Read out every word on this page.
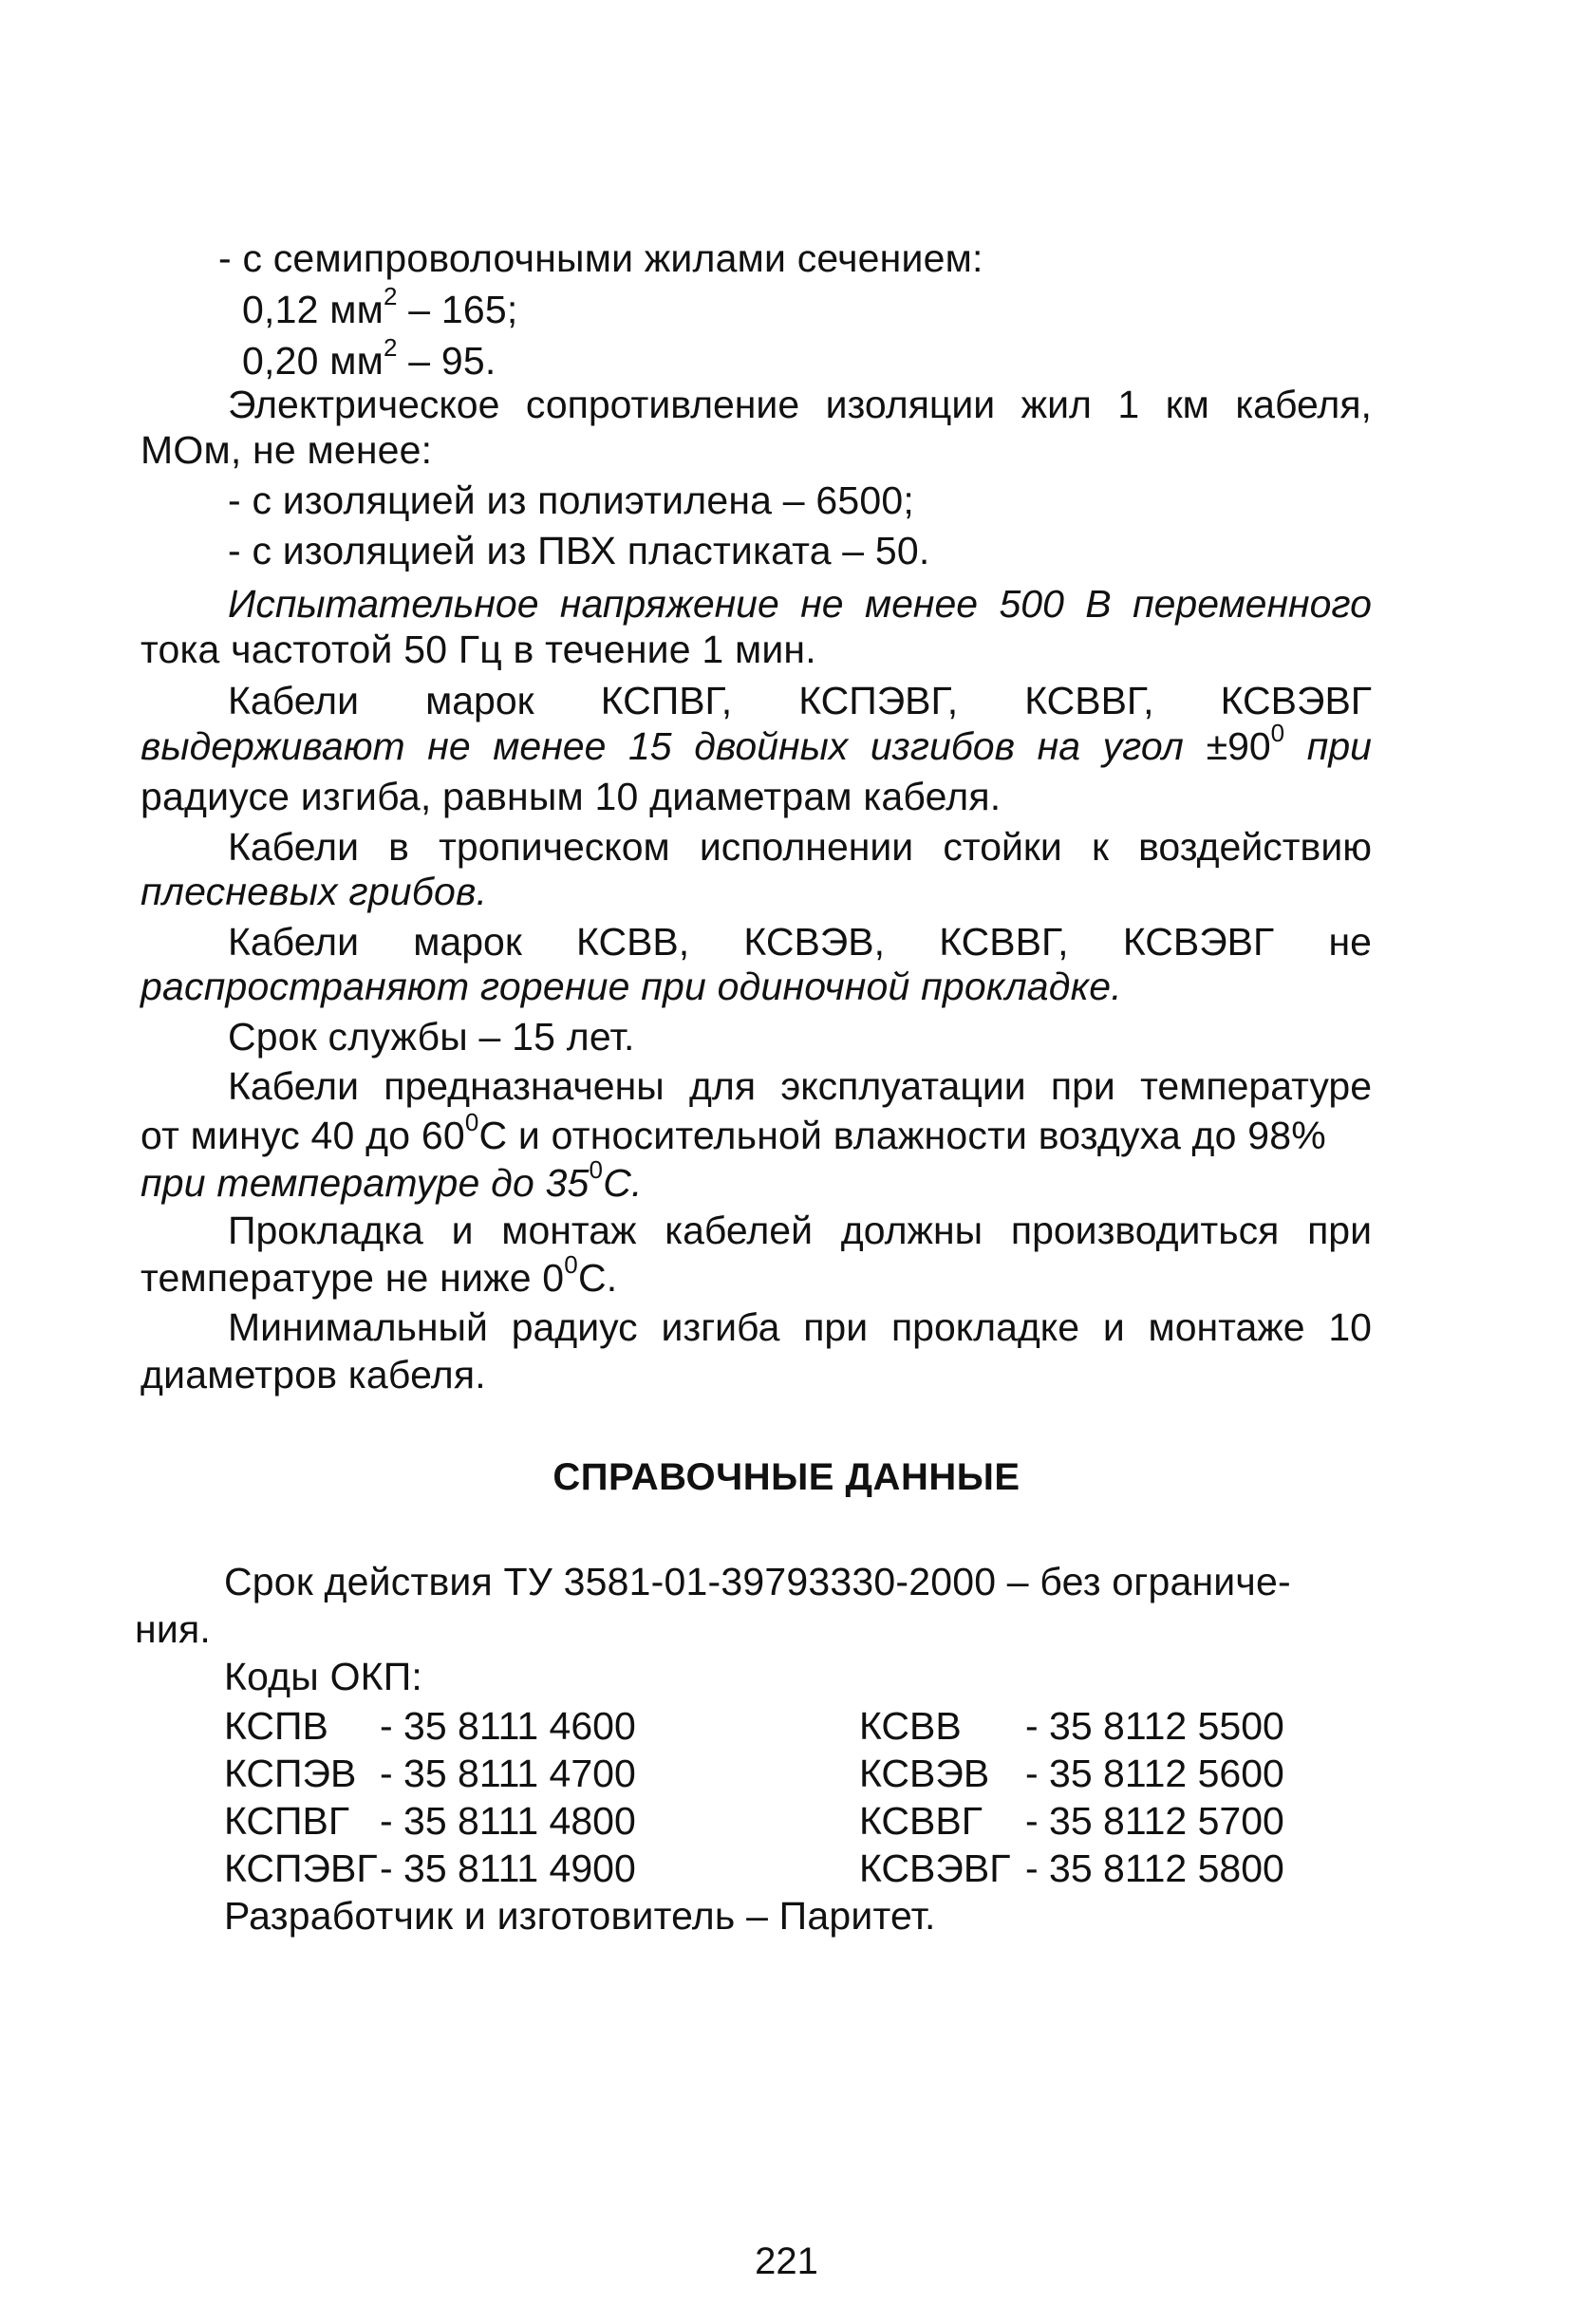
- с семипроволочными жилами сечением:
0,12 $мм^2 - 165$;
0,20 $мм^2 - 95$.
Электрическое сопротивление изоляции жил 1 км кабеля,
МОм, не менее:
- с изоляцией из полиэтилена – 6500;
- с изоляцией из ПВХ пластиката – 50.
Испытательное напряжение не менее 500 В переменного
тока частотой 50 Гц в течение 1 мин.
Кабели марок КСПВГ, КСПЭВГ, КСВВГ, КСВЭВГ
выдерживают не менее 15 двойных изгибов на угол $\pm 90^0$ при
радиусе изгиба, равным 10 диаметрам кабеля.
Кабели в тропическом исполнении стойки к воздействию
плесневых грибов.
Кабели марок КСВВ, КСВЭВ, КСВВГ, КСВЭВГ не
распространяют горение при одиночной прокладке.
Срок службы – 15 лет.
Кабели предназначены для эксплуатации при температуре
от минус 40 до $60^0С$ и относительной влажности воздуха до 98%
при температуре до $35^0С$.
Прокладка и монтаж кабелей должны производиться при
температуре не ниже $0^0С$.
Минимальный радиус изгиба при прокладке и монтаже 10
диаметров кабеля.
СПРАВОЧНЫЕ ДАННЫЕ
Срок действия ТУ 3581-01-39793330-2000 – без ограниче-
ния.
Коды ОКП:
КСПВ - 35 8111 4600
КСПЭВ - 35 8111 4700
КСПВГ - 35 8111 4800
КСПЭВГ - 35 8111 4900
КСВВ - 35 8112 5500
КСВЭВ - 35 8112 5600
КСВВГ - 35 8112 5700
КСВЭВГ - 35 8112 5800
Разработчик и изготовитель – Паритет.
221
